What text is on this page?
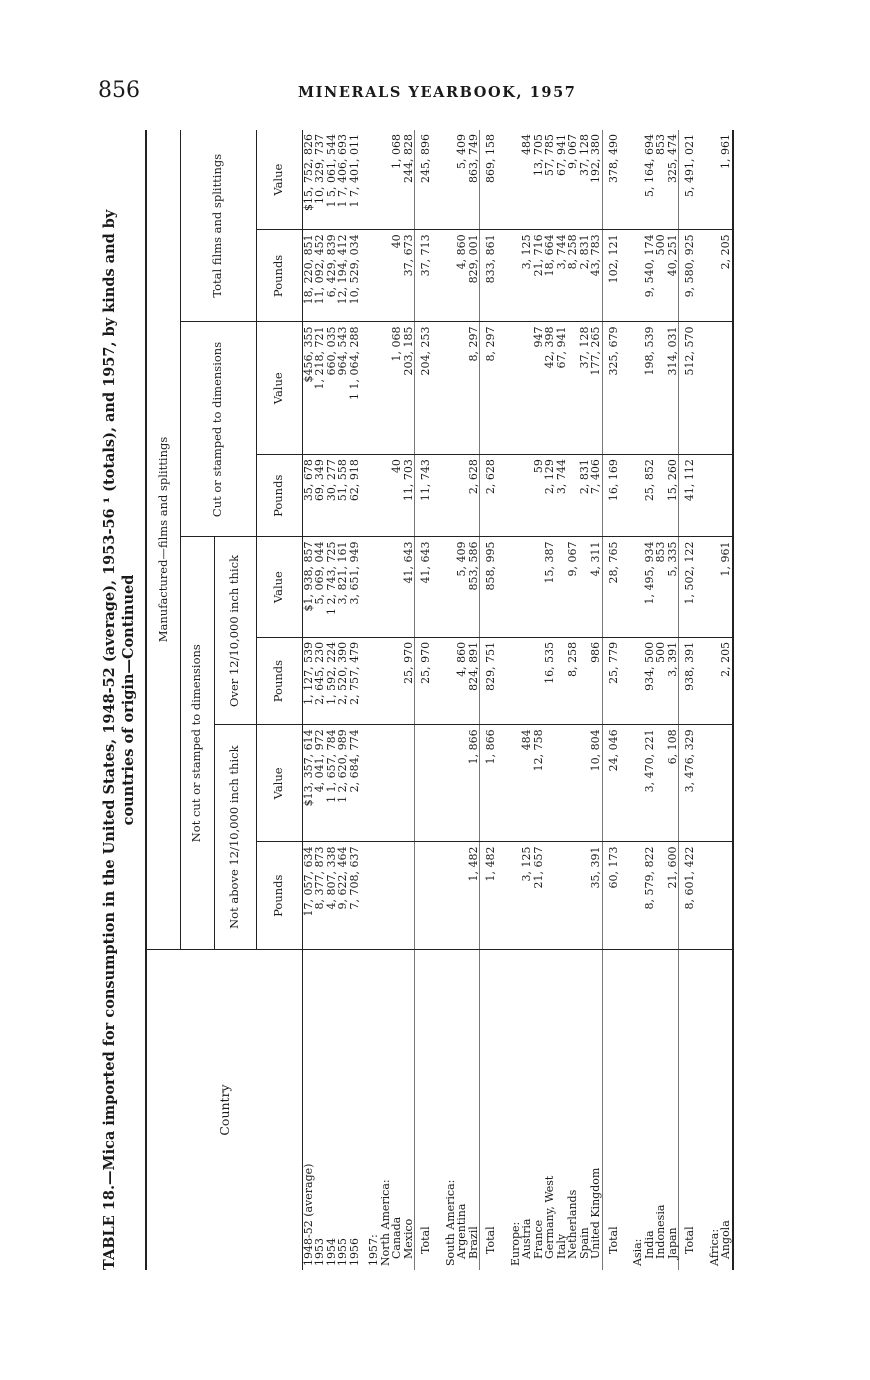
856	MINERALS YEARBOOK, 1957
TABLE 18.—Mica imported for consumption in the United States, 1948-52 (average), 1953-56 ¹ (totals), and 1957, by kinds and by countries of origin—Continued
Country	Manufactured—films and splittings							
	Not cut or stamped to dimensions				Cut or stamped to dimensions		Total films and splittings	
	Not above 12/10,000 inch thick		Over 12/10,000 inch thick					
	Pounds	Value	Pounds	Value	Pounds	Value	Pounds	Value
1948-52 (average)	17, 057, 634	$13, 357, 614	1, 127, 539	$1, 938, 857	35, 678	$456, 355	18, 220, 851	$15, 752, 826
1953	8, 377, 873	4, 041, 972	2, 645, 230	5, 069, 044	69, 349	1, 218, 721	11, 092, 452	10, 329, 737
1954	4, 807, 338	1 1, 657, 784	1, 592, 224	1 2, 743, 725	30, 277	660, 035	6, 429, 839	1 5, 061, 544
1955	9, 622, 464	1 2, 620, 989	2, 520, 390	3, 821, 161	51, 558	964, 543	12, 194, 412	1 7, 406, 693
1956	7, 708, 637	2, 684, 774	2, 757, 479	3, 651, 949	62, 918	1 1, 064, 288	10, 529, 034	1 7, 401, 011

1957:								
North America:								
Canada					40	1, 068	40	1, 068
Mexico			25, 970	41, 643	11, 703	203, 185	37, 673	244, 828
Total			25, 970	41, 643	11, 743	204, 253	37, 713	245, 896

South America:								
Argentina			4, 860	5, 409			4, 860	5, 409
Brazil	1, 482	1, 866	824, 891	853, 586	2, 628	8, 297	829, 001	863, 749
Total	1, 482	1, 866	829, 751	858, 995	2, 628	8, 297	833, 861	869, 158

Europe:								
Austria	3, 125	484					3, 125	484
France	21, 657	12, 758			59	947	21, 716	13, 705
Germany, West			16, 535	15, 387	2, 129	42, 398	18, 664	57, 785
Italy					3, 744	67, 941	3, 744	67, 941
Netherlands			8, 258	9, 067			8, 258	9, 067
Spain					2, 831	37, 128	2, 831	37, 128
United Kingdom	35, 391	10, 804	986	4, 311	7, 406	177, 265	43, 783	192, 380
Total	60, 173	24, 046	25, 779	28, 765	16, 169	325, 679	102, 121	378, 490

Asia:								
India	8, 579, 822	3, 470, 221	934, 500	1, 495, 934	25, 852	198, 539	9, 540, 174	5, 164, 694
Indonesia			500	853			500	853
Japan	21, 600	6, 108	3, 391	5, 335	15, 260	314, 031	40, 251	325, 474
Total	8, 601, 422	3, 476, 329	938, 391	1, 502, 122	41, 112	512, 570	9, 580, 925	5, 491, 021

Africa:								
Angola			2, 205	1, 961			2, 205	1, 961
